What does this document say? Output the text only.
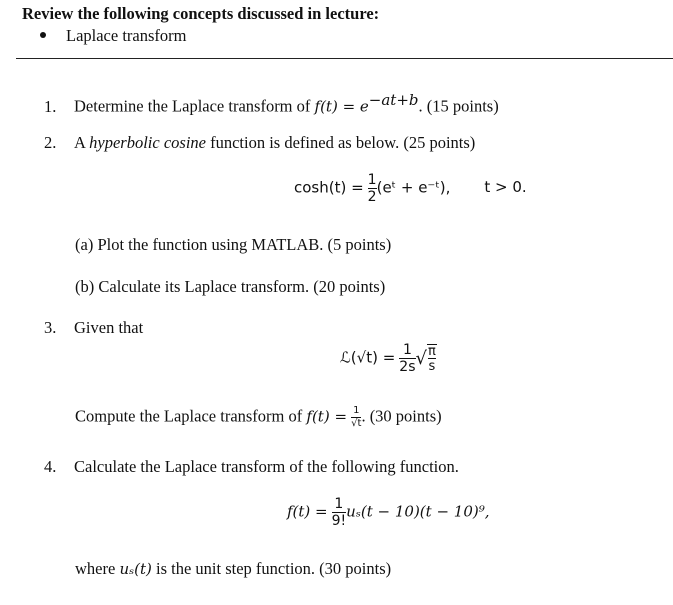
Review the following concepts discussed in lecture:
Laplace transform
1. Determine the Laplace transform of $f(t) = e^{-at+b}$. (15 points)
2. A hyperbolic cosine function is defined as below. (25 points)
$\cosh(t) = \frac{1}{2}$ (eᵗ + e⁻ᵗ), t > 0.
(a) Plot the function using MATLAB. (5 points)
(b) Calculate its Laplace transform. (20 points)
3. Given that
ℒ(√t) = $\frac{1}{2s}$ √ $\frac{\pi}{s}$
Compute the Laplace transform of $f(t) = \frac{1}{√t}$ . (30 points)
4. Calculate the Laplace transform of the following function.
$f(t) = \frac{1}{9!} u_s(t - 10)(t - 10)^9$,
where uₛ(t) is the unit step function. (30 points)
